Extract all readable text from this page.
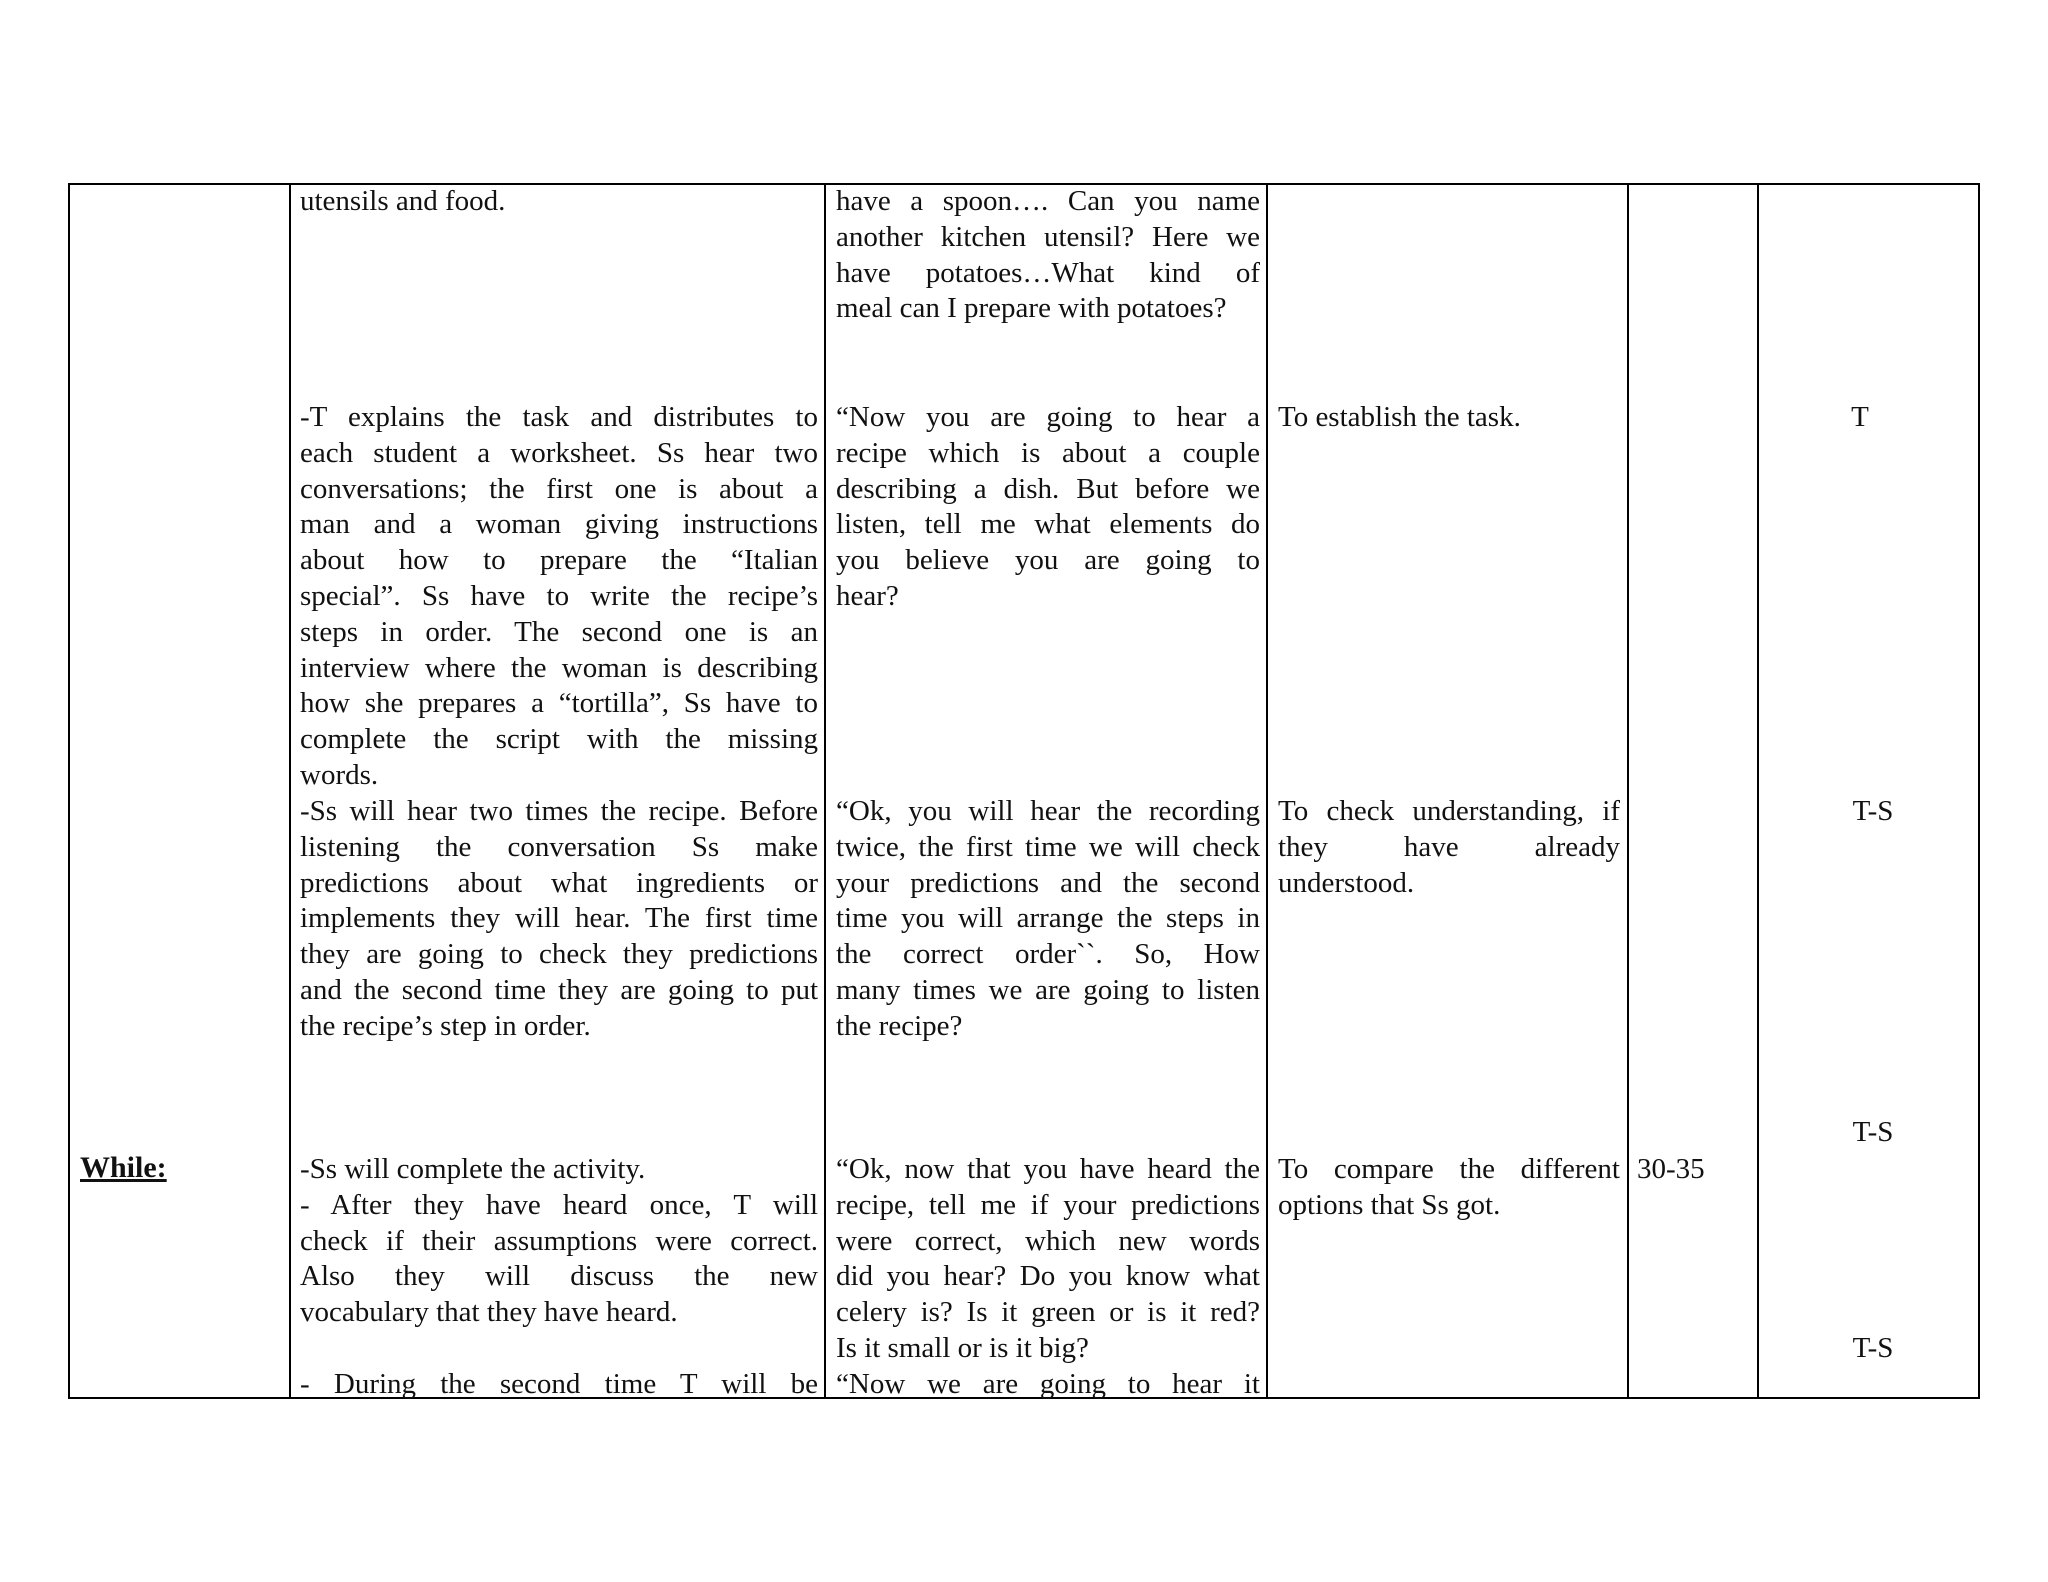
While:
utensils and food.
-T explains the task and distributes to
each student a worksheet. Ss hear two
conversations; the first one is about a
man and a woman giving instructions
about how to prepare the “Italian
special”. Ss have to write the recipe’s
steps in order. The second one is an
interview where the woman is describing
how she prepares a “tortilla”, Ss have to
complete the script with the missing
words.
-Ss will hear two times the recipe. Before
listening the conversation Ss make
predictions about what ingredients or
implements they will hear. The first time
they are going to check they predictions
and the second time they are going to put
the recipe’s step in order.
-Ss will complete the activity.
- After they have heard once, T will
check if their assumptions were correct.
Also they will discuss the new
vocabulary that they have heard.
- During the second time T will be
have a spoon…. Can you name
another kitchen utensil? Here we
have potatoes…What kind of
meal can I prepare with potatoes?
“Now you are going to hear a
recipe which is about a couple
describing a dish. But before we
listen, tell me what elements do
you believe you are going to
hear?
“Ok, you will hear the recording
twice, the first time we will check
your predictions and the second
time you will arrange the steps in
the correct order``. So, How
many times we are going to listen
the recipe?
“Ok, now that you have heard the
recipe, tell me if your predictions
were correct, which new words
did you hear? Do you know what
celery is? Is it green or is it red?
Is it small or is it big?
“Now we are going to hear it
To establish the task.
To check understanding, if
they have already
understood.
To compare the different
options that Ss got.
30-35
T
T-S
T-S
T-S
